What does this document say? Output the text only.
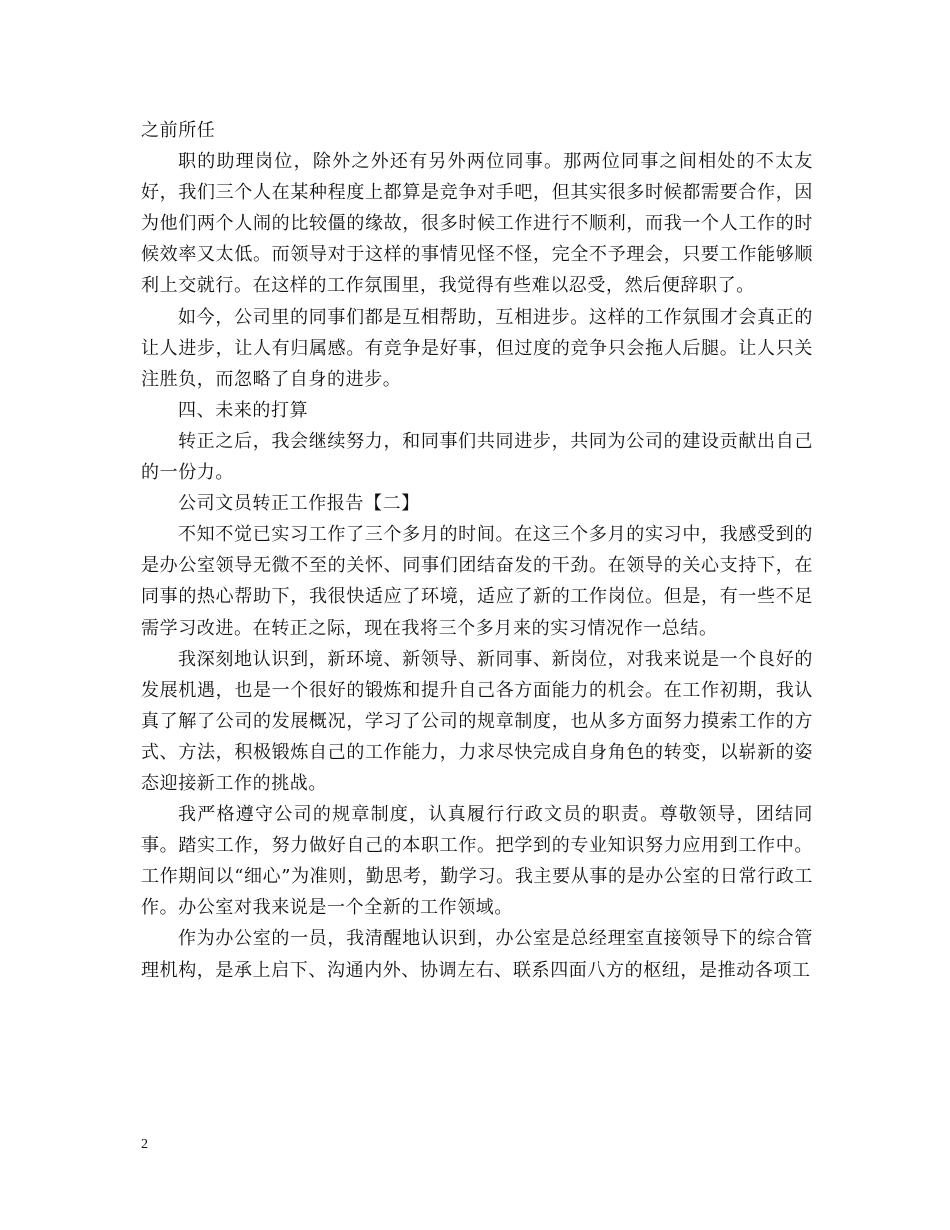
之前所任

职的助理岗位，除外之外还有另外两位同事。那两位同事之间相处的不太友好，我们三个人在某种程度上都算是竞争对手吧，但其实很多时候都需要合作，因为他们两个人闹的比较僵的缘故，很多时候工作进行不顺利，而我一个人工作的时候效率又太低。而领导对于这样的事情见怪不怪，完全不予理会，只要工作能够顺利上交就行。在这样的工作氛围里，我觉得有些难以忍受，然后便辞职了。

如今，公司里的同事们都是互相帮助，互相进步。这样的工作氛围才会真正的让人进步，让人有归属感。有竞争是好事，但过度的竞争只会拖人后腿。让人只关注胜负，而忽略了自身的进步。

四、未来的打算

转正之后，我会继续努力，和同事们共同进步，共同为公司的建设贡献出自己的一份力。

公司文员转正工作报告【二】

不知不觉已实习工作了三个多月的时间。在这三个多月的实习中，我感受到的是办公室领导无微不至的关怀、同事们团结奋发的干劲。在领导的关心支持下，在同事的热心帮助下，我很快适应了环境，适应了新的工作岗位。但是，有一些不足需学习改进。在转正之际，现在我将三个多月来的实习情况作一总结。

我深刻地认识到，新环境、新领导、新同事、新岗位，对我来说是一个良好的发展机遇，也是一个很好的锻炼和提升自己各方面能力的机会。在工作初期，我认真了解了公司的发展概况，学习了公司的规章制度，也从多方面努力摸索工作的方式、方法，积极锻炼自己的工作能力，力求尽快完成自身角色的转变，以崭新的姿态迎接新工作的挑战。

我严格遵守公司的规章制度，认真履行行政文员的职责。尊敬领导，团结同事。踏实工作，努力做好自己的本职工作。把学到的专业知识努力应用到工作中。工作期间以“细心”为准则，勤思考，勤学习。我主要从事的是办公室的日常行政工作。办公室对我来说是一个全新的工作领域。

作为办公室的一员，我清醒地认识到，办公室是总经理室直接领导下的综合管理机构，是承上启下、沟通内外、协调左右、联系四面八方的枢纽，是推动各项工

2
